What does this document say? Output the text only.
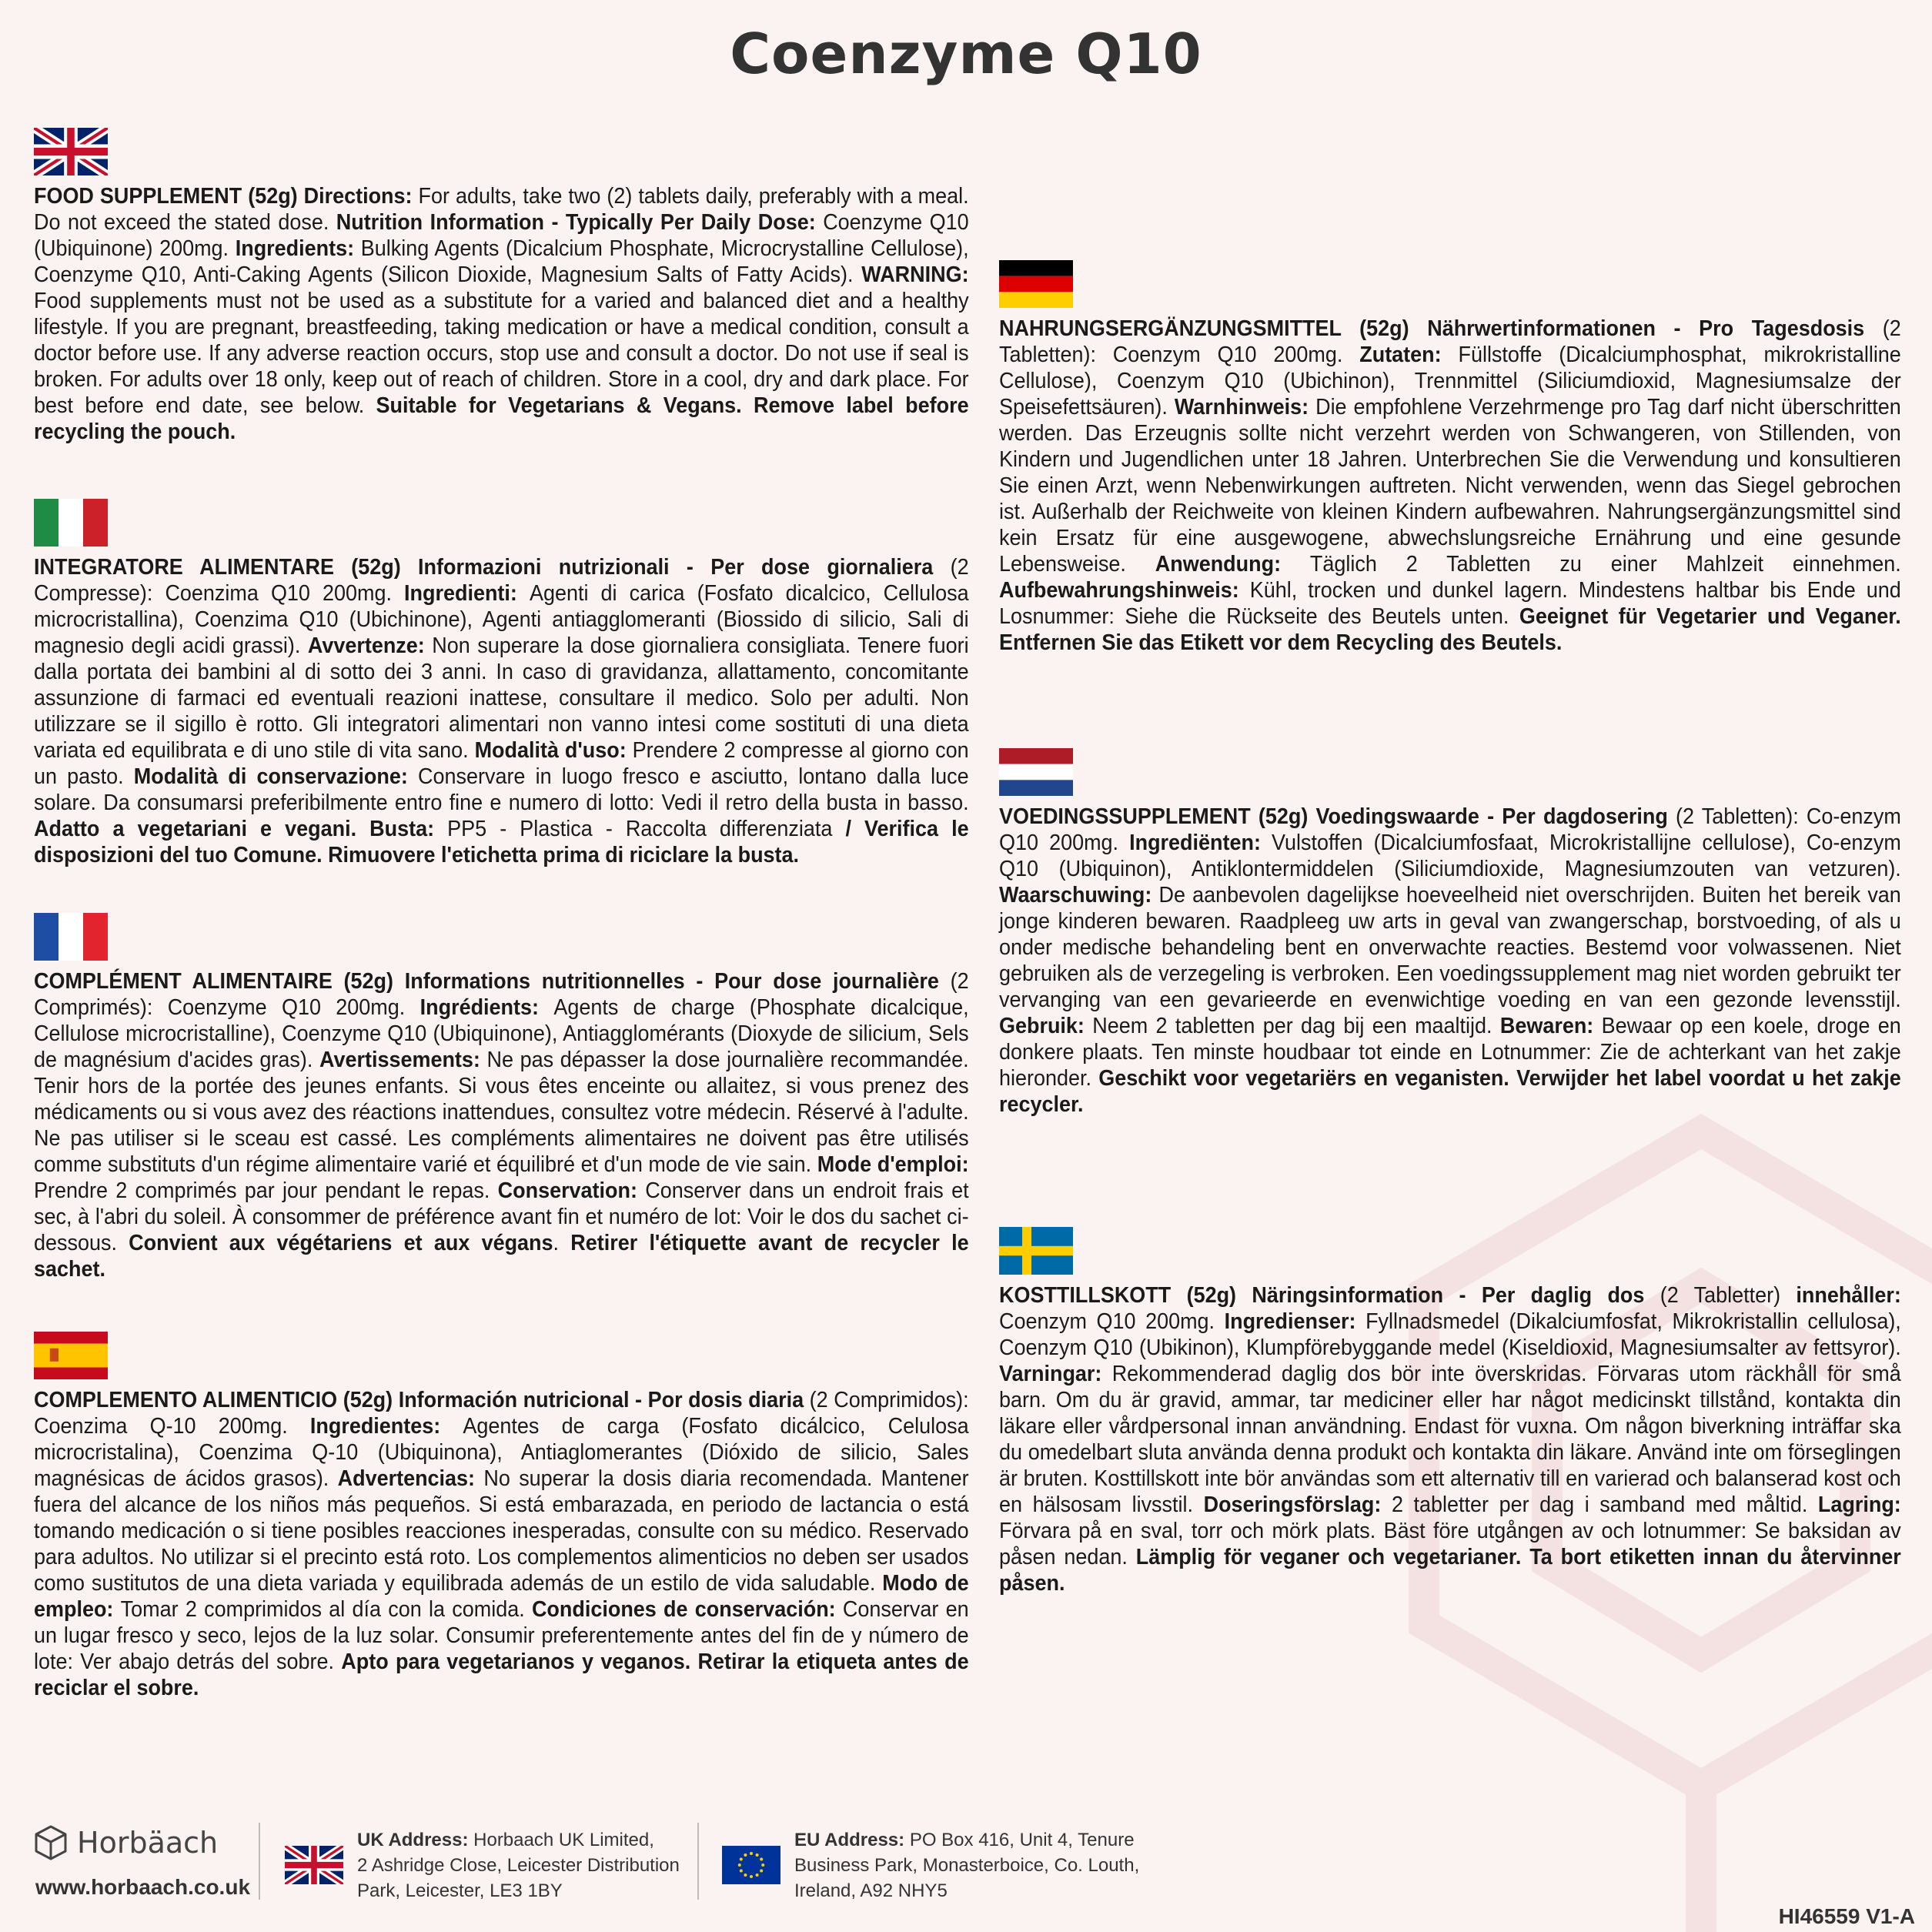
Coenzyme Q10
FOOD SUPPLEMENT (52g) Directions: For adults, take two (2) tablets daily, preferably with a meal. Do not exceed the stated dose. Nutrition Information - Typically Per Daily Dose: Coenzyme Q10 (Ubiquinone) 200mg. Ingredients: Bulking Agents (Dicalcium Phosphate, Microcrystalline Cellulose), Coenzyme Q10, Anti-Caking Agents (Silicon Dioxide, Magnesium Salts of Fatty Acids). WARNING: Food supplements must not be used as a substitute for a varied and balanced diet and a healthy lifestyle. If you are pregnant, breastfeeding, taking medication or have a medical condition, consult a doctor before use. If any adverse reaction occurs, stop use and consult a doctor. Do not use if seal is broken. For adults over 18 only, keep out of reach of children. Store in a cool, dry and dark place. For best before end date, see below. Suitable for Vegetarians & Vegans. Remove label before recycling the pouch.
INTEGRATORE ALIMENTARE (52g) Informazioni nutrizionali - Per dose giornaliera (2 Compresse): Coenzima Q10 200mg. Ingredienti: Agenti di carica (Fosfato dicalcico, Cellulosa microcristallina), Coenzima Q10 (Ubichinone), Agenti antiagglomeranti (Biossido di silicio, Sali di magnesio degli acidi grassi). Avvertenze: Non superare la dose giornaliera consigliata. Tenere fuori dalla portata dei bambini al di sotto dei 3 anni. In caso di gravidanza, allattamento, concomitante assunzione di farmaci ed eventuali reazioni inattese, consultare il medico. Solo per adulti. Non utilizzare se il sigillo è rotto. Gli integratori alimentari non vanno intesi come sostituti di una dieta variata ed equilibrata e di uno stile di vita sano. Modalità d'uso: Prendere 2 compresse al giorno con un pasto. Modalità di conservazione: Conservare in luogo fresco e asciutto, lontano dalla luce solare. Da consumarsi preferibilmente entro fine e numero di lotto: Vedi il retro della busta in basso. Adatto a vegetariani e vegani. Busta: PP5 - Plastica - Raccolta differenziata / Verifica le disposizioni del tuo Comune. Rimuovere l'etichetta prima di riciclare la busta.
COMPLÉMENT ALIMENTAIRE (52g) Informations nutritionnelles - Pour dose journalière (2 Comprimés): Coenzyme Q10 200mg. Ingrédients: Agents de charge (Phosphate dicalcique, Cellulose microcristalline), Coenzyme Q10 (Ubiquinone), Antiagglomérants (Dioxyde de silicium, Sels de magnésium d'acides gras). Avertissements: Ne pas dépasser la dose journalière recommandée. Tenir hors de la portée des jeunes enfants. Si vous êtes enceinte ou allaitez, si vous prenez des médicaments ou si vous avez des réactions inattendues, consultez votre médecin. Réservé à l'adulte. Ne pas utiliser si le sceau est cassé. Les compléments alimentaires ne doivent pas être utilisés comme substituts d'un régime alimentaire varié et équilibré et d'un mode de vie sain. Mode d'emploi: Prendre 2 comprimés par jour pendant le repas. Conservation: Conserver dans un endroit frais et sec, à l'abri du soleil. À consommer de préférence avant fin et numéro de lot: Voir le dos du sachet ci-dessous. Convient aux végétariens et aux végans. Retirer l'étiquette avant de recycler le sachet.
COMPLEMENTO ALIMENTICIO (52g) Información nutricional - Por dosis diaria (2 Comprimidos): Coenzima Q-10 200mg. Ingredientes: Agentes de carga (Fosfato dicálcico, Celulosa microcristalina), Coenzima Q-10 (Ubiquinona), Antiaglomerantes (Dióxido de silicio, Sales magnésicas de ácidos grasos). Advertencias: No superar la dosis diaria recomendada. Mantener fuera del alcance de los niños más pequeños. Si está embarazada, en periodo de lactancia o está tomando medicación o si tiene posibles reacciones inesperadas, consulte con su médico. Reservado para adultos. No utilizar si el precinto está roto. Los complementos alimenticios no deben ser usados como sustitutos de una dieta variada y equilibrada además de un estilo de vida saludable. Modo de empleo: Tomar 2 comprimidos al día con la comida. Condiciones de conservación: Conservar en un lugar fresco y seco, lejos de la luz solar. Consumir preferentemente antes del fin de y número de lote: Ver abajo detrás del sobre. Apto para vegetarianos y veganos. Retirar la etiqueta antes de reciclar el sobre.
NAHRUNGSERGÄNZUNGSMITTEL (52g) Nährwertinformationen - Pro Tagesdosis (2 Tabletten): Coenzym Q10 200mg. Zutaten: Füllstoffe (Dicalciumphosphat, mikrokristalline Cellulose), Coenzym Q10 (Ubichinon), Trennmittel (Siliciumdioxid, Magnesiumsalze der Speisefettsäuren). Warnhinweis: Die empfohlene Verzehrmenge pro Tag darf nicht überschritten werden. Das Erzeugnis sollte nicht verzehrt werden von Schwangeren, von Stillenden, von Kindern und Jugendlichen unter 18 Jahren. Unterbrechen Sie die Verwendung und konsultieren Sie einen Arzt, wenn Nebenwirkungen auftreten. Nicht verwenden, wenn das Siegel gebrochen ist. Außerhalb der Reichweite von kleinen Kindern aufbewahren. Nahrungsergänzungsmittel sind kein Ersatz für eine ausgewogene, abwechslungsreiche Ernährung und eine gesunde Lebensweise. Anwendung: Täglich 2 Tabletten zu einer Mahlzeit einnehmen. Aufbewahrungshinweis: Kühl, trocken und dunkel lagern. Mindestens haltbar bis Ende und Losnummer: Siehe die Rückseite des Beutels unten. Geeignet für Vegetarier und Veganer. Entfernen Sie das Etikett vor dem Recycling des Beutels.
VOEDINGSSUPPLEMENT (52g) Voedingswaarde - Per dagdosering (2 Tabletten): Co-enzym Q10 200mg. Ingrediënten: Vulstoffen (Dicalciumfosfaat, Microkristallijne cellulose), Co-enzym Q10 (Ubiquinon), Antiklontermiddelen (Siliciumdioxide, Magnesiumzouten van vetzuren). Waarschuwing: De aanbevolen dagelijkse hoeveelheid niet overschrijden. Buiten het bereik van jonge kinderen bewaren. Raadpleeg uw arts in geval van zwangerschap, borstvoeding, of als u onder medische behandeling bent en onverwachte reacties. Bestemd voor volwassenen. Niet gebruiken als de verzegeling is verbroken. Een voedingssupplement mag niet worden gebruikt ter vervanging van een gevarieerde en evenwichtige voeding en van een gezonde levensstijl. Gebruik: Neem 2 tabletten per dag bij een maaltijd. Bewaren: Bewaar op een koele, droge en donkere plaats. Ten minste houdbaar tot einde en Lotnummer: Zie de achterkant van het zakje hieronder. Geschikt voor vegetariërs en veganisten. Verwijder het label voordat u het zakje recycler.
KOSTTILLSKOTT (52g) Näringsinformation - Per daglig dos (2 Tabletter) innehåller: Coenzym Q10 200mg. Ingredienser: Fyllnadsmedel (Dikalciumfosfat, Mikrokristallin cellulosa), Coenzym Q10 (Ubikinon), Klumpförebyggande medel (Kiseldioxid, Magnesiumsalter av fettsyror). Varningar: Rekommenderad daglig dos bör inte överskridas. Förvaras utom räckhåll för små barn. Om du är gravid, ammar, tar mediciner eller har något medicinskt tillstånd, kontakta din läkare eller vårdpersonal innan användning. Endast för vuxna. Om någon biverkning inträffar ska du omedelbart sluta använda denna produkt och kontakta din läkare. Använd inte om förseglingen är bruten. Kosttillskott inte bör användas som ett alternativ till en varierad och balanserad kost och en hälsosam livsstil. Doseringsförslag: 2 tabletter per dag i samband med måltid. Lagring: Förvara på en sval, torr och mörk plats. Bäst före utgången av och lotnummer: Se baksidan av påsen nedan. Lämplig för veganer och vegetarianer. Ta bort etiketten innan du återvinner påsen.
Horbäach
www.horbaach.co.uk
UK Address: Horbaach UK Limited,
2 Ashridge Close, Leicester Distribution
Park, Leicester, LE3 1BY
EU Address: PO Box 416, Unit 4, Tenure
Business Park, Monasterboice, Co. Louth,
Ireland, A92 NHY5
HI46559 V1-A
